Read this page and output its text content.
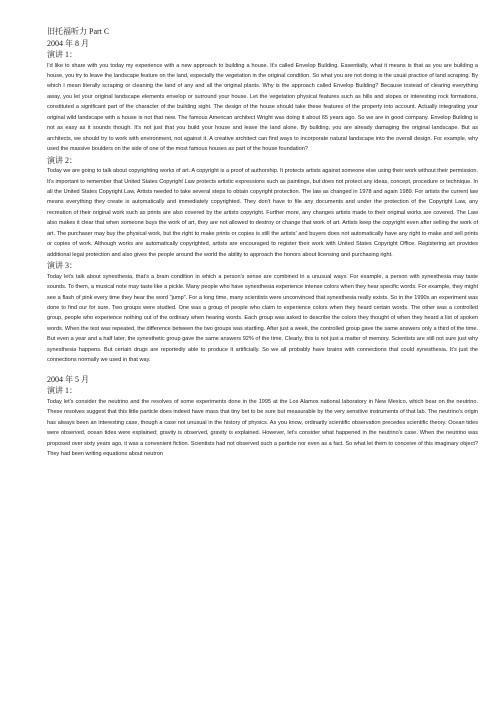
旧托福听力 Part C

2004 年 8 月

演讲 1：

I'd like to share with you today my experience with a new approach to building a house. It's called Envelop Building. Essentially, what it means is that as you are building a house, you try to leave the landscape feature on the land, especially the vegetation in the original condition. So what you are not doing is the usual practice of land scraping. By which I mean literally scraping or cleaning the land of any and all the original plants. Why is the approach called Envelop Building? Because instead of clearing everything away, you let your original landscape elements envelop or surround your house. Let the vegetation physical features such as hills and slopes or interesting rock formations, constituted a significant part of the character of the building sight. The design of the house should take these features of the property into account. Actually integrating your original wild landscape with a house is not that new. The famous American architect Wright was doing it about 65 years ago. So we are in good company. Envelop Building is not as easy as it sounds though. It's not just that you build your house and leave the land alone. By building, you are already damaging the original landscape. But as architects, we should try to work with environment, not against it. A creative architect can find ways to incorporate natural landscape into the overall design. For example, why used the massive boulders on the side of one of the most famous houses as part of the house foundation?

演讲 2：

Today we are going to talk about copyrighting works of art. A copyright is a proof of authorship. It protects artists against someone else using their work without their permission. It's important to remember that United States Copyright Law protects artistic expressions such as paintings, but does not protect any ideas, concept, procedure or technique. In all the United States Copyright Law, Artists needed to take several steps to obtain copyright protection. The law as changed in 1978 and again 1989. For artists the current law means everything they create is automatically and immediately copyrighted. They don't have to file any documents and under the protection of the Copyright Law, any recreation of their original work such as prints are also covered by the artists copyright. Further more, any changes artists made to their original works are covered. The Law also makes it clear that when someone buys the work of art, they are not allowed to destroy or change that work of art. Artists keep the copyright even after selling the work of art. The purchaser may buy the physical work, but the right to make prints or copies is still the artists' and buyers does not automatically have any right to make and sell prints or copies of work. Although works are automatically copyrighted, artists are encouraged to register their work with United States Copyright Office. Registering art provides additional legal protection and also gives the people around the world the ability to approach the honors about licensing and purchasing right.

演讲 3：

Today let's talk about synesthesia, that's a brain condition in which a person's sense are combined in a unusual ways. For example, a person with synesthesia may taste sounds. To them, a musical note may taste like a pickle. Many people who have synesthesia experience intense colors when they hear specific words. For example, they might see a flash of pink every time they hear the word "jump". For a long time, many scientists were unconvinced that synesthesia really exists. So in the 1990s an experiment was done to find our for sure. Two groups were studied. One was a group of people who claim to experience colors when they heard certain words. The other was a controlled group, people who experience nothing out of the ordinary when hearing words. Each group was asked to describe the colors they thought of when they heard a list of spoken words. When the test was repeated, the difference between the two groups was startling. After just a week, the controlled group gave the same answers only a third of the time. But even a year and a half later, the synesthetic group gave the same answers 92% of the time. Clearly, this is not just a matter of memory. Scientists are still not sure just why synesthesia happens. But certain drugs are reportedly able to produce it artificially. So we all probably have brains with connections that could synesthesia. It's just the connections normally we used in that way.

2004 年 5 月

演讲 1：

Today let's consider the neutrino and the resolves of some experiments done in the 1995 at the Los Alamos national laboratory in New Mexico, which bear on the neutrino. These resolves suggest that this little particle does indeed have mass that tiny bet to be sure but measurable by the very sensitive instruments of that lab. The neutrino's origin has always been an interesting case, though a case not unusual in the history of physics. As you know, ordinarily scientific observation precedes scientific theory. Ocean tides were observed, ocean tides were explained; gravity is observed, gravity is explained. However, let's consider what happened in the neutrino's case. When the neutrino was proposed over sixty years ago, it was a convenient fiction. Scientists had not observed such a particle nor even as a fact. So what let them to conceive of this imaginary object? They had been writing equations about neutron
